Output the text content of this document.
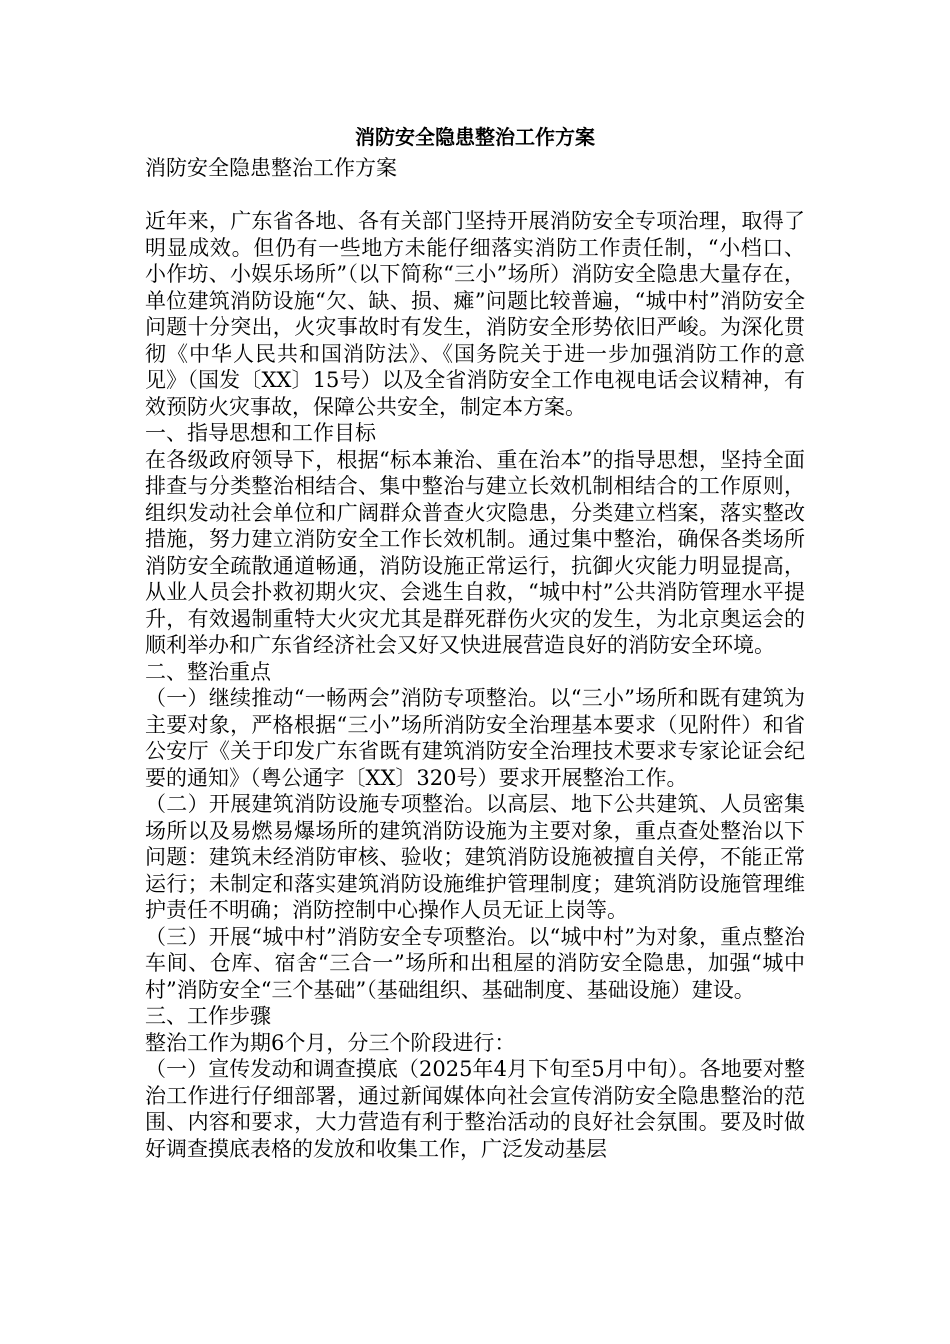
消防安全隐患整治工作方案
消防安全隐患整治工作方案

近年来，广东省各地、各有关部门坚持开展消防安全专项治理，取得了明显成效。但仍有一些地方未能仔细落实消防工作责任制，“小档口、小作坊、小娱乐场所”（以下简称“三小”场所）消防安全隐患大量存在，单位建筑消防设施“欠、缺、损、瘫”问题比较普遍，“城中村”消防安全问题十分突出，火灾事故时有发生，消防安全形势依旧严峻。为深化贯彻《中华人民共和国消防法》、《国务院关于进一步加强消防工作的意见》（国发〔XX〕15号）以及全省消防安全工作电视电话会议精神，有效预防火灾事故，保障公共安全，制定本方案。

一、指导思想和工作目标

在各级政府领导下，根据“标本兼治、重在治本”的指导思想，坚持全面排查与分类整治相结合、集中整治与建立长效机制相结合的工作原则，组织发动社会单位和广阔群众普查火灾隐患，分类建立档案，落实整改措施，努力建立消防安全工作长效机制。通过集中整治，确保各类场所消防安全疏散通道畅通，消防设施正常运行，抗御火灾能力明显提高，从业人员会扑救初期火灾、会逃生自救，“城中村”公共消防管理水平提升，有效遏制重特大火灾尤其是群死群伤火灾的发生，为北京奥运会的顺利举办和广东省经济社会又好又快进展营造良好的消防安全环境。

二、整治重点

（一）继续推动“一畅两会”消防专项整治。以“三小”场所和既有建筑为主要对象，严格根据“三小”场所消防安全治理基本要求（见附件）和省公安厅《关于印发广东省既有建筑消防安全治理技术要求专家论证会纪要的通知》（粤公通字〔XX〕320号）要求开展整治工作。

（二）开展建筑消防设施专项整治。以高层、地下公共建筑、人员密集场所以及易燃易爆场所的建筑消防设施为主要对象，重点查处整治以下问题：建筑未经消防审核、验收；建筑消防设施被擅自关停，不能正常运行；未制定和落实建筑消防设施维护管理制度；建筑消防设施管理维护责任不明确；消防控制中心操作人员无证上岗等。

（三）开展“城中村”消防安全专项整治。以“城中村”为对象，重点整治车间、仓库、宿舍“三合一”场所和出租屋的消防安全隐患，加强“城中村”消防安全“三个基础”（基础组织、基础制度、基础设施）建设。

三、工作步骤

整治工作为期6个月，分三个阶段进行：

（一）宣传发动和调查摸底（2025年4月下旬至5月中旬）。各地要对整治工作进行仔细部署，通过新闻媒体向社会宣传消防安全隐患整治的范围、内容和要求，大力营造有利于整治活动的良好社会氛围。要及时做好调查摸底表格的发放和收集工作，广泛发动基层
